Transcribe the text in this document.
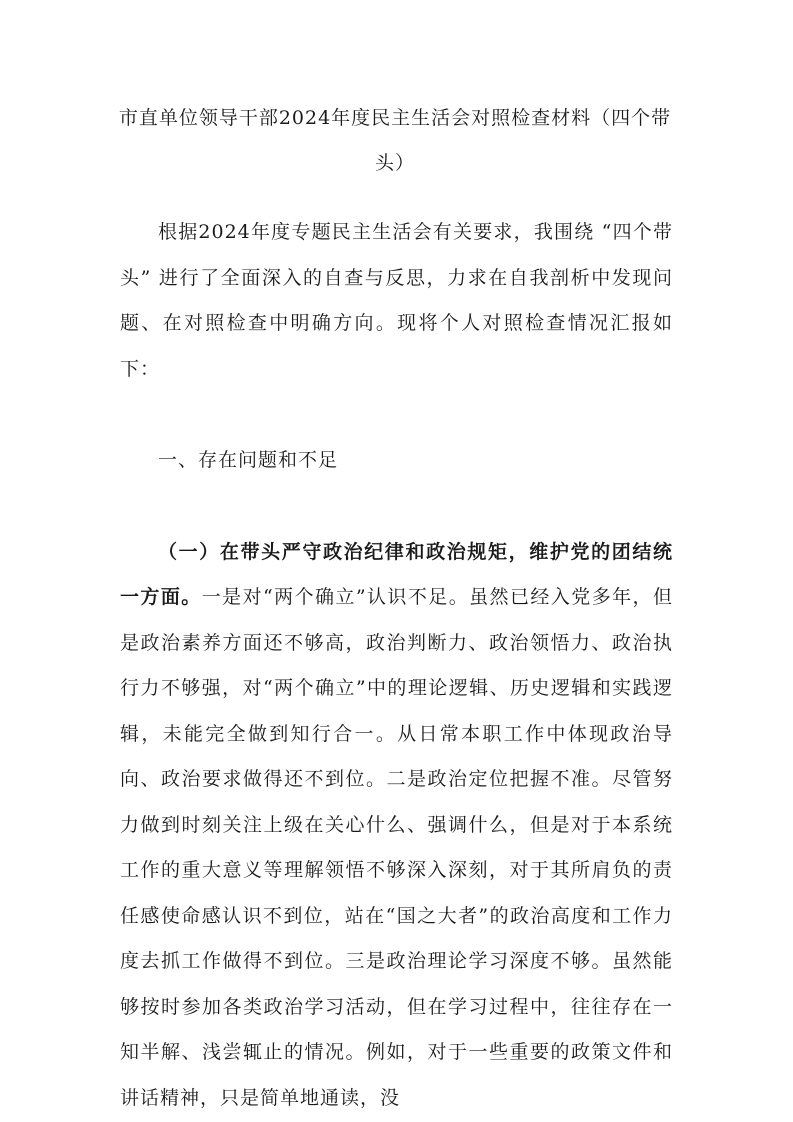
市直单位领导干部2024年度民主生活会对照检查材料（四个带头）

根据2024年度专题民主生活会有关要求，我围绕 “四个带头” 进行了全面深入的自查与反思，力求在自我剖析中发现问题、在对照检查中明确方向。现将个人对照检查情况汇报如下：

一、存在问题和不足

（一）在带头严守政治纪律和政治规矩，维护党的团结统一方面。一是对“两个确立”认识不足。虽然已经入党多年，但是政治素养方面还不够高，政治判断力、政治领悟力、政治执行力不够强，对“两个确立”中的理论逻辑、历史逻辑和实践逻辑，未能完全做到知行合一。从日常本职工作中体现政治导向、政治要求做得还不到位。二是政治定位把握不准。尽管努力做到时刻关注上级在关心什么、强调什么，但是对于本系统工作的重大意义等理解领悟不够深入深刻，对于其所肩负的责任感使命感认识不到位，站在“国之大者”的政治高度和工作力度去抓工作做得不到位。三是政治理论学习深度不够。虽然能够按时参加各类政治学习活动，但在学习过程中，往往存在一知半解、浅尝辄止的情况。例如，对于一些重要的政策文件和讲话精神，只是简单地通读，没
